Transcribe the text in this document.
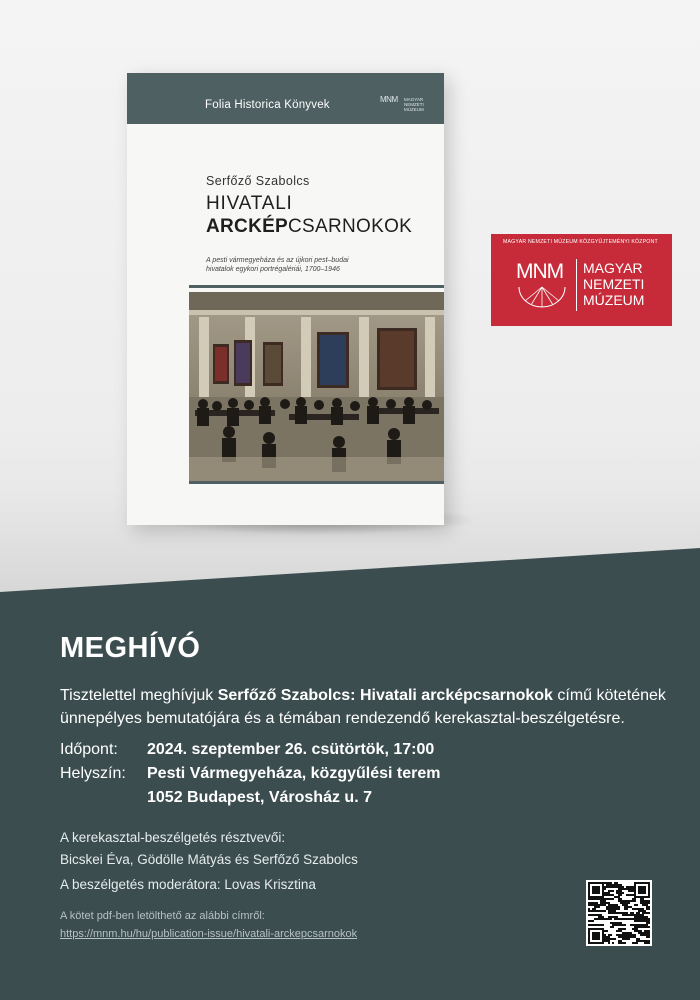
Folia Historica Könyvek	MNM MAGYAR NEMZETI MÚZEUM
Serfőző Szabolcs
HIVATALI
ARCKÉPCSARNOKOK
A pesti vármegyeháza és az újkori pest–budai
hivatalok egykori portrégalériái, 1700–1946
MAGYAR NEMZETI MÚZEUM KÖZGYŰJTEMÉNYI KÖZPONT
MNM MAGYAR
NEMZETI
MÚZEUM
MEGHÍVÓ
Tisztelettel meghívjuk Serfőző Szabolcs: Hivatali arcképcsarnokok című kötetének ünnepélyes bemutatójára és a témában rendezendő kerekasztal-beszélgetésre.
Időpont: 2024. szeptember 26. csütörtök, 17:00
Helyszín: Pesti Vármegyeháza, közgyűlési terem
1052 Budapest, Városház u. 7
A kerekasztal-beszélgetés résztvevői:
Bicskei Éva, Gödölle Mátyás és Serfőző Szabolcs
A beszélgetés moderátora: Lovas Krisztina
A kötet pdf-ben letölthető az alábbi címről:
https://mnm.hu/hu/publication-issue/hivatali-arckepcsarnokok
